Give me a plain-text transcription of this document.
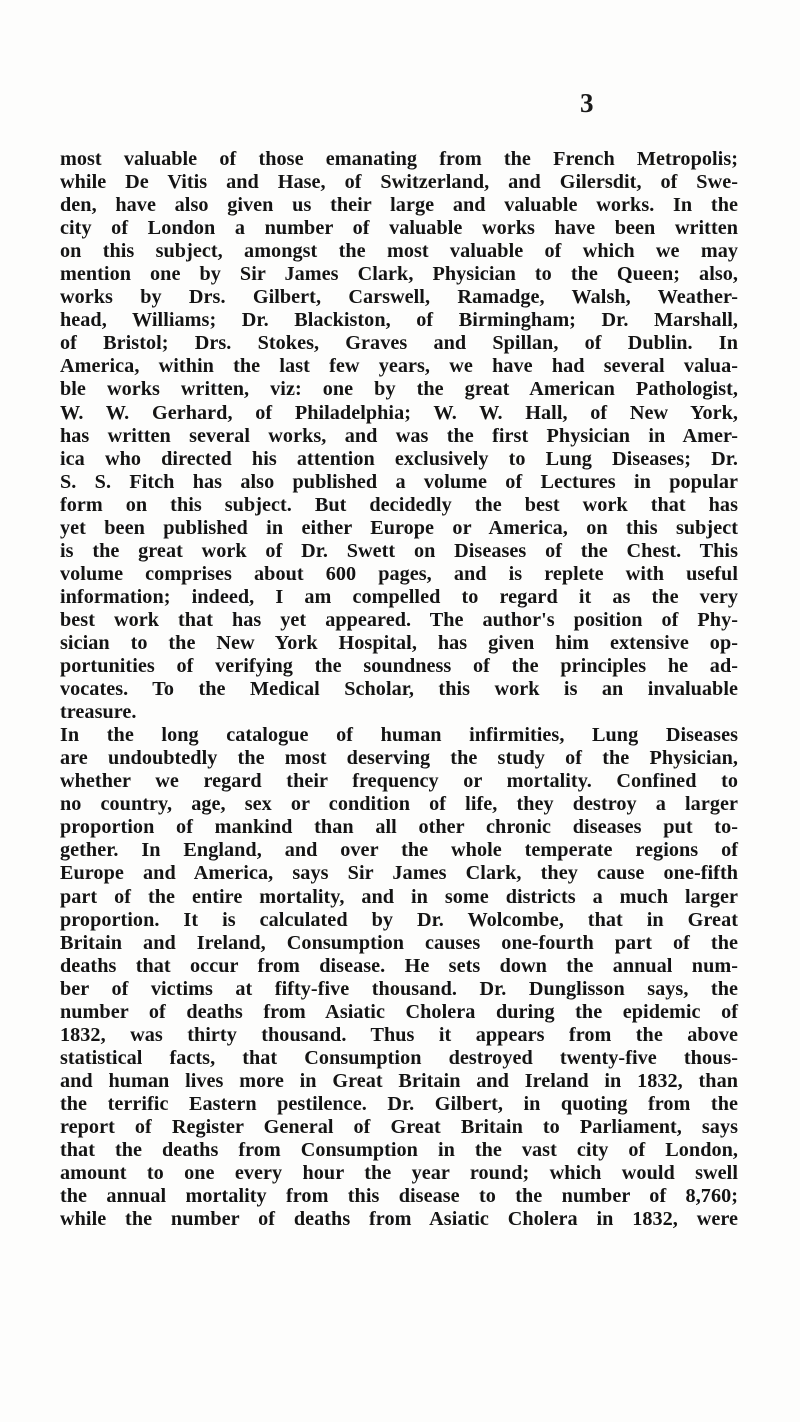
3
most valuable of those emanating from the French Metropolis;
while De Vitis and Hase, of Switzerland, and Gilersdit, of Swe-
den, have also given us their large and valuable works. In the
city of London a number of valuable works have been written
on this subject, amongst the most valuable of which we may
mention one by Sir James Clark, Physician to the Queen; also,
works by Drs. Gilbert, Carswell, Ramadge, Walsh, Weather-
head, Williams; Dr. Blackiston, of Birmingham; Dr. Marshall,
of Bristol; Drs. Stokes, Graves and Spillan, of Dublin. In
America, within the last few years, we have had several valua-
ble works written, viz: one by the great American Pathologist,
W. W. Gerhard, of Philadelphia; W. W. Hall, of New York,
has written several works, and was the first Physician in Amer-
ica who directed his attention exclusively to Lung Diseases; Dr.
S. S. Fitch has also published a volume of Lectures in popular
form on this subject. But decidedly the best work that has
yet been published in either Europe or America, on this subject
is the great work of Dr. Swett on Diseases of the Chest. This
volume comprises about 600 pages, and is replete with useful
information; indeed, I am compelled to regard it as the very
best work that has yet appeared. The author's position of Phy-
sician to the New York Hospital, has given him extensive op-
portunities of verifying the soundness of the principles he ad-
vocates. To the Medical Scholar, this work is an invaluable
treasure.
In the long catalogue of human infirmities, Lung Diseases
are undoubtedly the most deserving the study of the Physician,
whether we regard their frequency or mortality. Confined to
no country, age, sex or condition of life, they destroy a larger
proportion of mankind than all other chronic diseases put to-
gether. In England, and over the whole temperate regions of
Europe and America, says Sir James Clark, they cause one-fifth
part of the entire mortality, and in some districts a much larger
proportion. It is calculated by Dr. Wolcombe, that in Great
Britain and Ireland, Consumption causes one-fourth part of the
deaths that occur from disease. He sets down the annual num-
ber of victims at fifty-five thousand. Dr. Dunglisson says, the
number of deaths from Asiatic Cholera during the epidemic of
1832, was thirty thousand. Thus it appears from the above
statistical facts, that Consumption destroyed twenty-five thous-
and human lives more in Great Britain and Ireland in 1832, than
the terrific Eastern pestilence. Dr. Gilbert, in quoting from the
report of Register General of Great Britain to Parliament, says
that the deaths from Consumption in the vast city of London,
amount to one every hour the year round; which would swell
the annual mortality from this disease to the number of 8,760;
while the number of deaths from Asiatic Cholera in 1832, were
